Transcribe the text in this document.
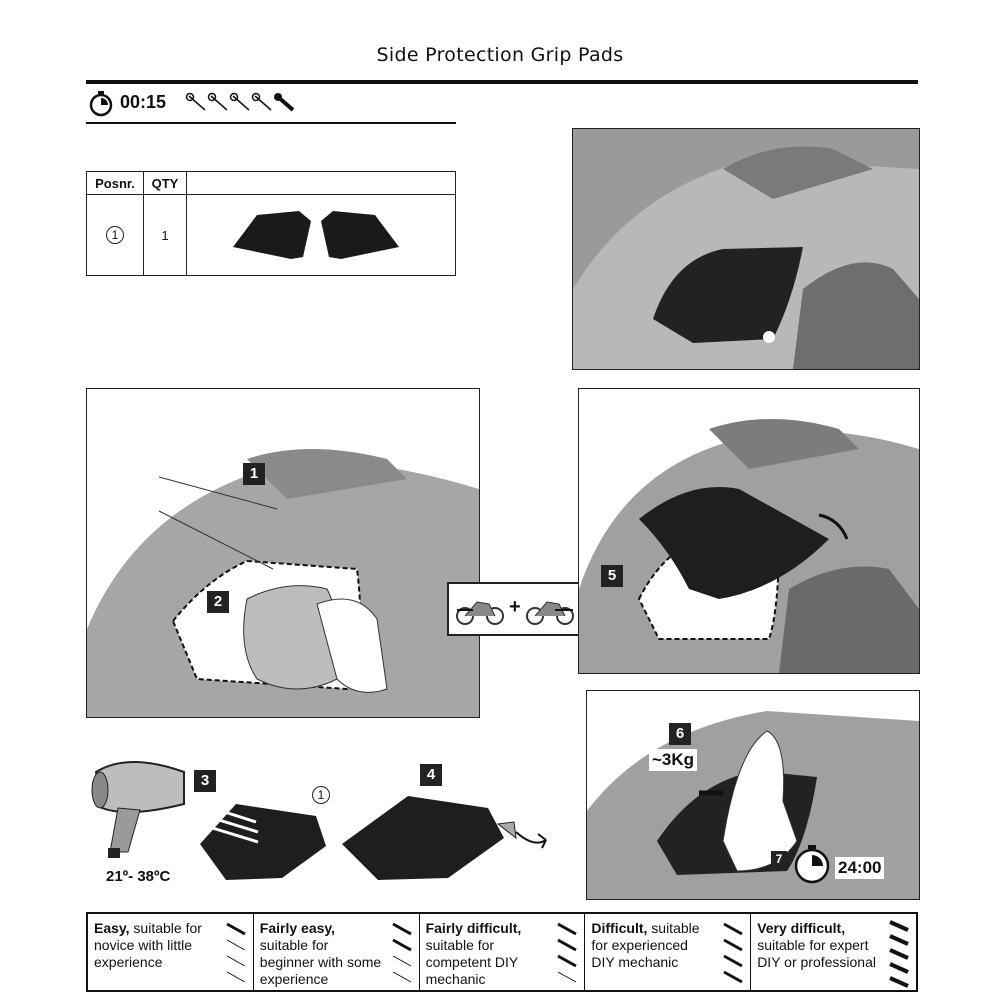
Side Protection Grip Pads
00:15
Posnr.	QTY	

1	1	
1
2	+
5
6
~3Kg
7	24:00
3
21º- 38ºC
1
4
Easy, suitable for novice with little experience
Fairly easy, suitable for beginner with some experience
Fairly difficult, suitable for competent DIY mechanic
Difficult, suitable for experienced DIY mechanic
Very difficult, suitable for expert DIY or professional
